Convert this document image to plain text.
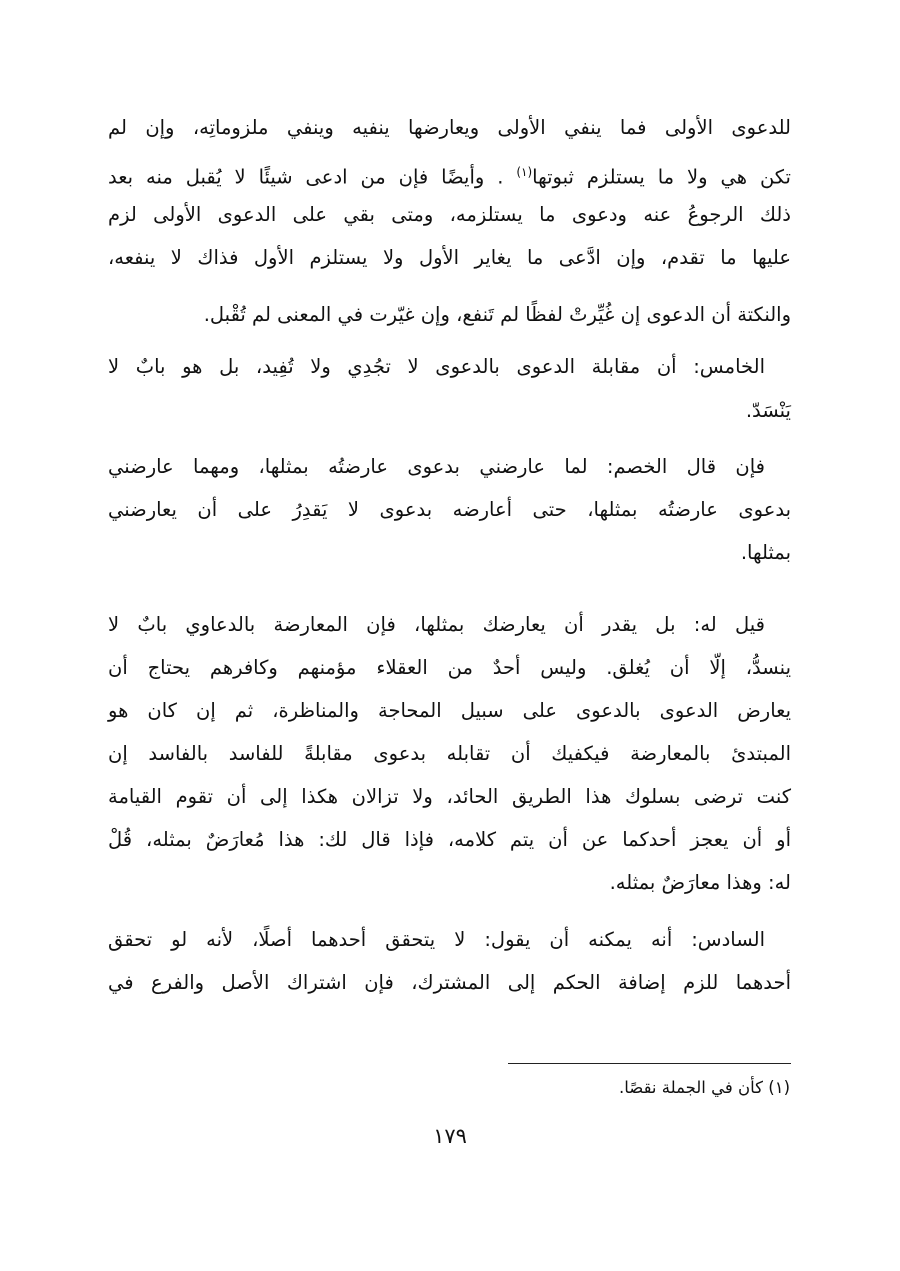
للدعوى الأولى فما ينفي الأولى ويعارضها ينفيه وينفي ملزوماتِه، وإن لم
تكن هي ولا ما يستلزم ثبوتها$^{(١)}$ . وأيضًا فإن من ادعى شيئًا لا يُقبل منه بعد
ذلك الرجوعُ عنه ودعوى ما يستلزمه، ومتى بقي على الدعوى الأولى لزم
عليها ما تقدم، وإن ادَّعى ما يغاير الأول ولا يستلزم الأول فذاك لا ينفعه،
والنكتة أن الدعوى إن غُيِّرتْ لفظًا لم تَنفع، وإن غيّرت في المعنى لم تُقْبل.
الخامس: أن مقابلة الدعوى بالدعوى لا تجُدِي ولا تُفِيد، بل هو بابٌ لا
يَنْسَدّ.
فإن قال الخصم: لما عارضني بدعوى عارضتُه بمثلها، ومهما عارضني
بدعوى عارضتُه بمثلها، حتى أعارضه بدعوى لا يَقدِرُ على أن يعارضني
بمثلها.
قيل له: بل يقدر أن يعارضك بمثلها، فإن المعارضة بالدعاوي بابٌ لا
ينسدُّ، إلّا أن يُغلق. وليس أحدٌ من العقلاء مؤمنهم وكافرهم يحتاج أن
يعارض الدعوى بالدعوى على سبيل المحاجة والمناظرة، ثم إن كان هو
المبتدئ بالمعارضة فيكفيك أن تقابله بدعوى مقابلةً للفاسد بالفاسد إن
كنت ترضى بسلوك هذا الطريق الحائد، ولا تزالان هكذا إلى أن تقوم القيامة
أو أن يعجز أحدكما عن أن يتم كلامه، فإذا قال لك: هذا مُعارَضٌ بمثله، قُلْ
له: وهذا معارَضٌ بمثله.
السادس: أنه يمكنه أن يقول: لا يتحقق أحدهما أصلًا، لأنه لو تحقق
أحدهما للزم إضافة الحكم إلى المشترك، فإن اشتراك الأصل والفرع في
(١) كأن في الجملة نقصًا.
١٧٩
